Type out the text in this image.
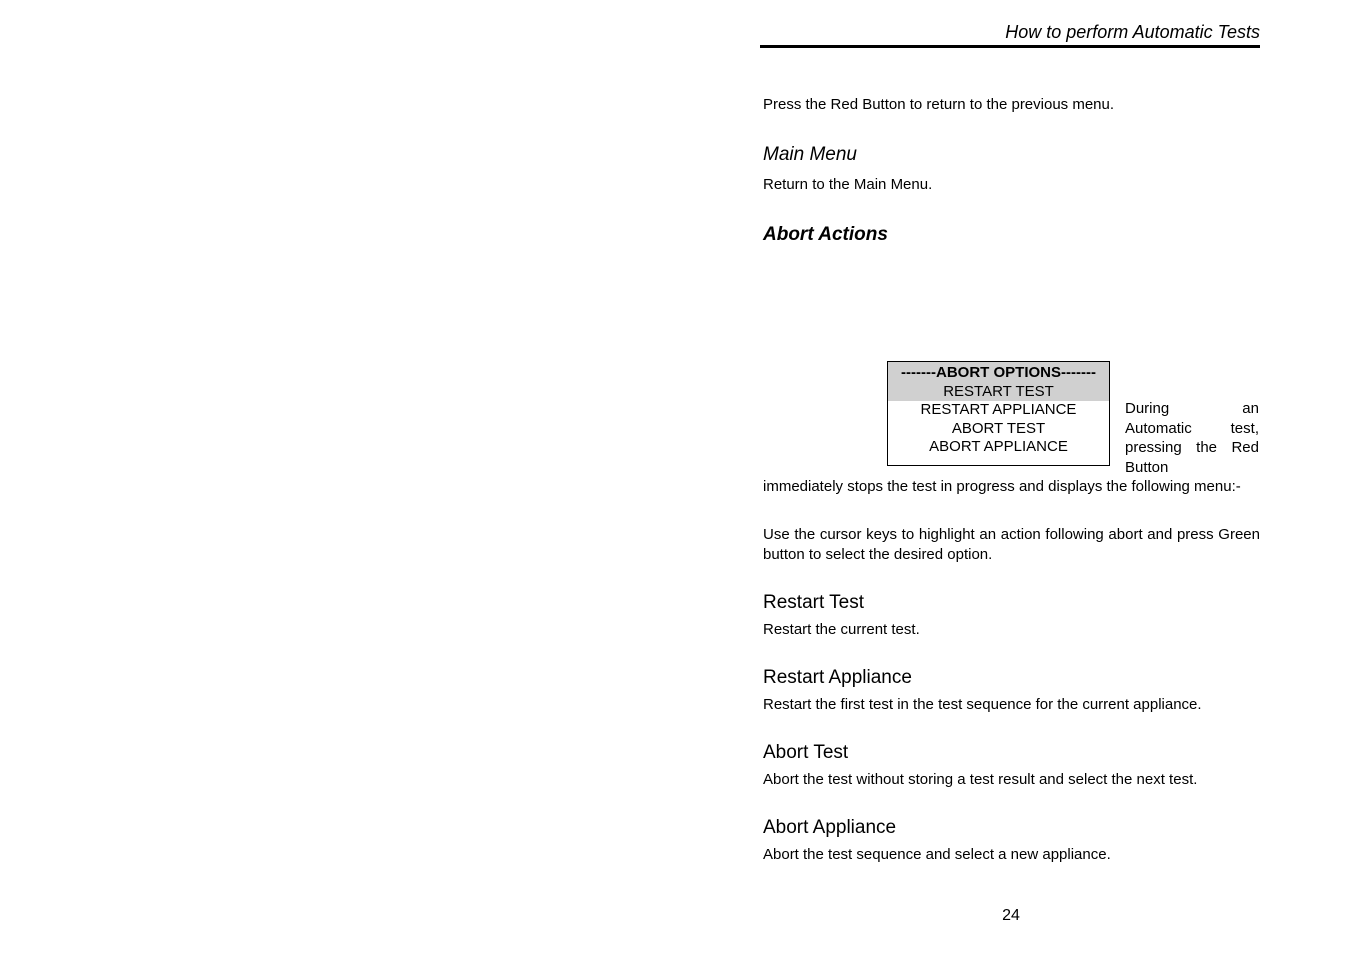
How to perform Automatic Tests

Press the Red Button to return to the previous menu.

Main Menu

Return to the Main Menu.

Abort Actions
-------ABORT OPTIONS-------
RESTART TEST
RESTART APPLIANCE
ABORT TEST
ABORT APPLIANCE

During an
Automatic test,
pressing the Red
Button

immediately stops the test in progress and displays the following menu:-

Use the cursor keys to highlight an action following abort and press Green button to select the desired option.

Restart Test

Restart the current test.

Restart Appliance

Restart the first test in the test sequence for the current appliance.

Abort Test

Abort the test without storing a test result and select the next test.

Abort Appliance

Abort the test sequence and select a new appliance.

24
